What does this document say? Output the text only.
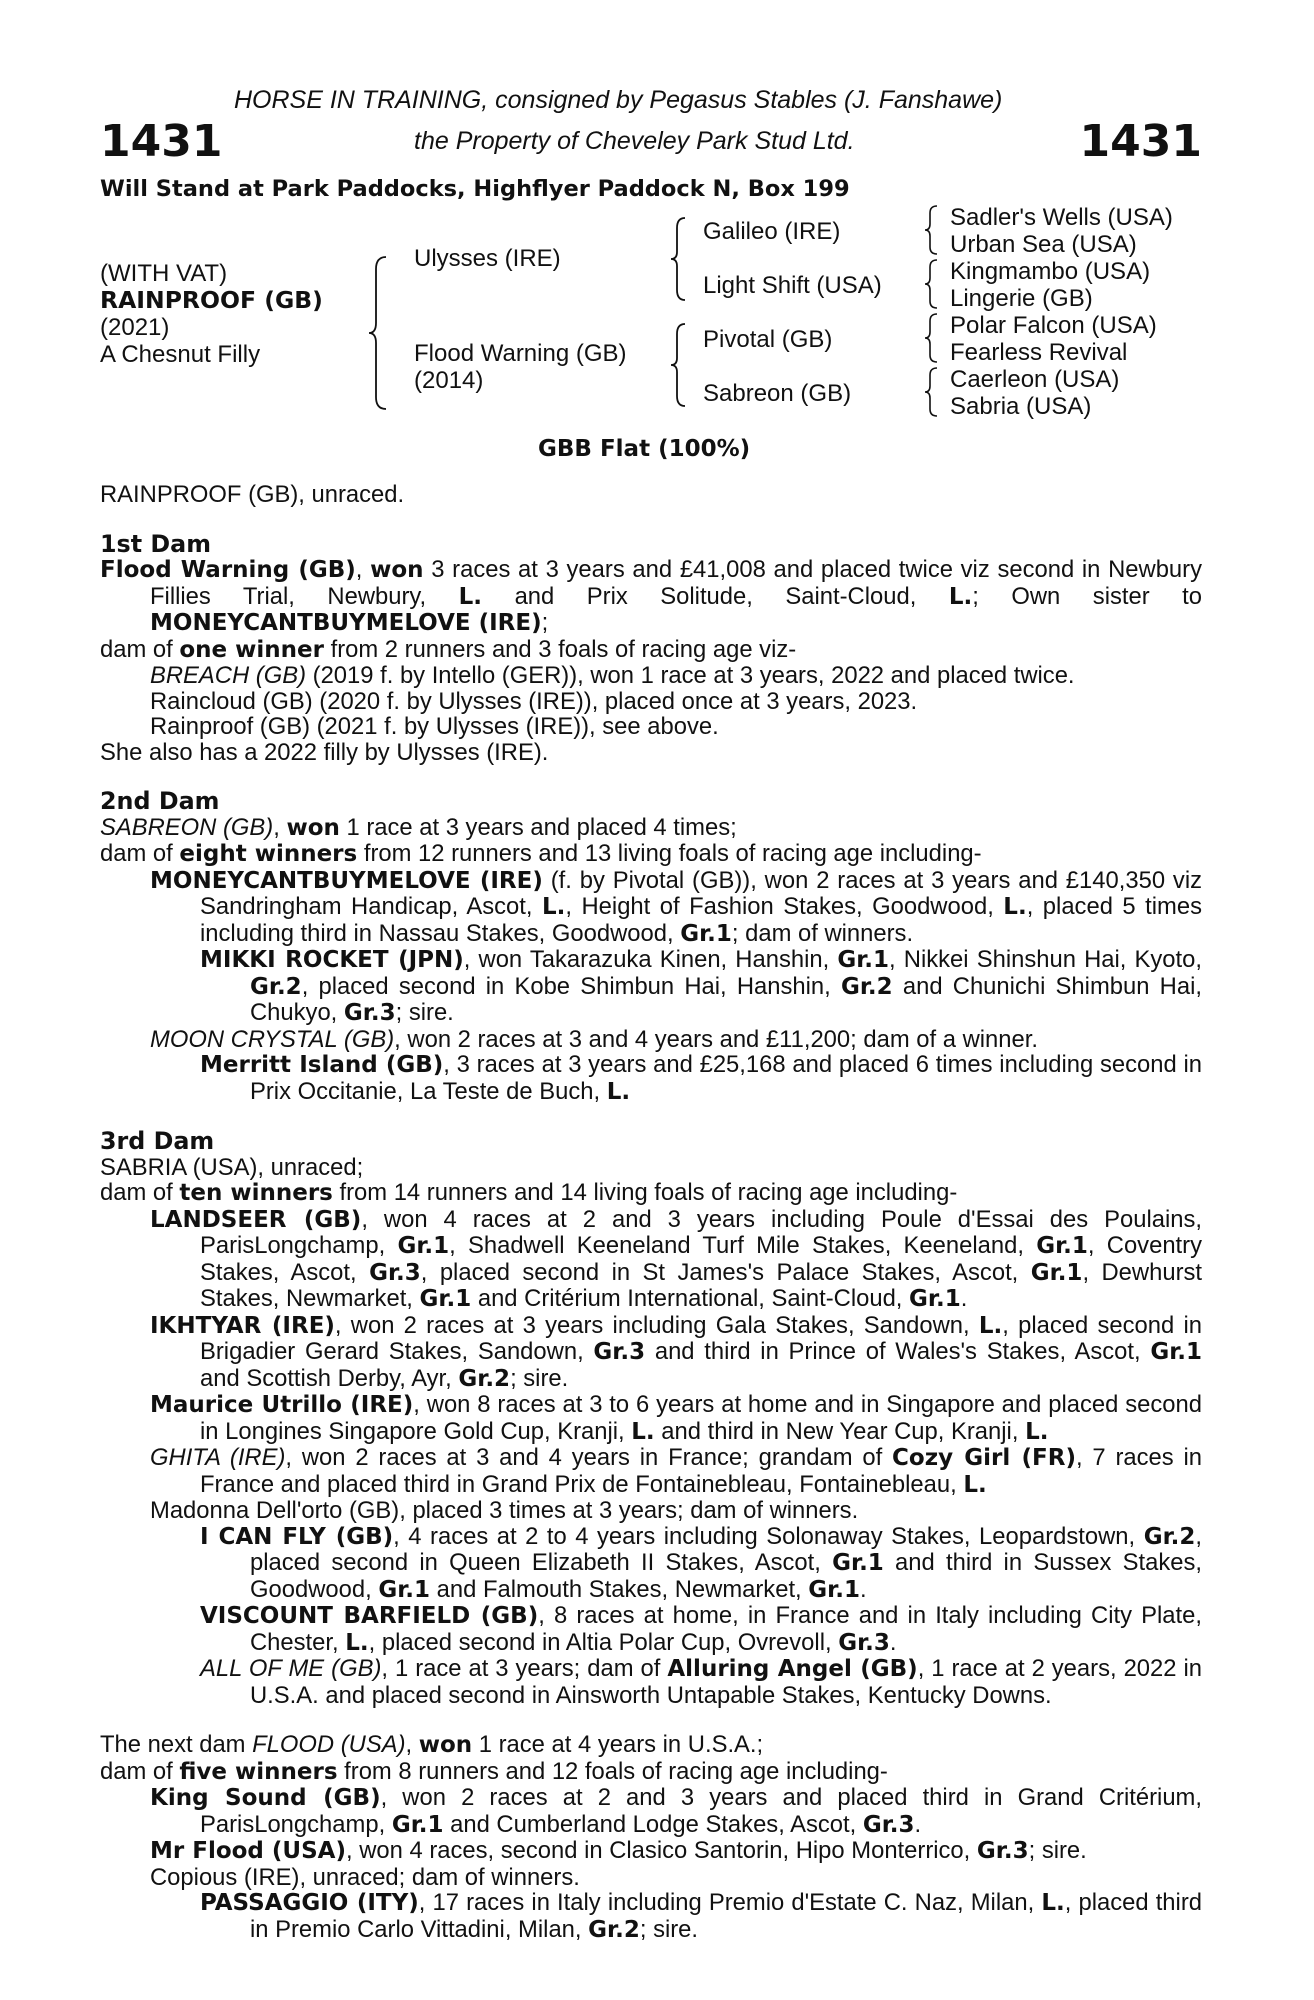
1431	1431
HORSE IN TRAINING, consigned by Pegasus Stables (J. Fanshawe)
the Property of Cheveley Park Stud Ltd.
Will Stand at Park Paddocks, Highflyer Paddock N, Box 199
(WITH VAT)
RAINPROOF (GB)
(2021)
A Chesnut Filly
Ulysses (IRE)
Flood Warning (GB)
(2014)
Galileo (IRE)
Light Shift (USA)
Pivotal (GB)
Sabreon (GB)
Sadler's Wells (USA)
Urban Sea (USA)
Kingmambo (USA)
Lingerie (GB)
Polar Falcon (USA)
Fearless Revival
Caerleon (USA)
Sabria (USA)
GBB Flat (100%)

RAINPROOF (GB), unraced.

1st Dam

Flood Warning (GB), won 3 races at 3 years and £41,008 and placed twice viz second in Newbury Fillies Trial, Newbury, L. and Prix Solitude, Saint-Cloud, L.; Own sister to MONEYCANTBUYMELOVE (IRE);

dam of one winner from 2 runners and 3 foals of racing age viz-

BREACH (GB) (2019 f. by Intello (GER)), won 1 race at 3 years, 2022 and placed twice.

Raincloud (GB) (2020 f. by Ulysses (IRE)), placed once at 3 years, 2023.

Rainproof (GB) (2021 f. by Ulysses (IRE)), see above.

She also has a 2022 filly by Ulysses (IRE).

2nd Dam

SABREON (GB), won 1 race at 3 years and placed 4 times;

dam of eight winners from 12 runners and 13 living foals of racing age including-

MONEYCANTBUYMELOVE (IRE) (f. by Pivotal (GB)), won 2 races at 3 years and £140,350 viz Sandringham Handicap, Ascot, L., Height of Fashion Stakes, Goodwood, L., placed 5 times including third in Nassau Stakes, Goodwood, Gr.1; dam of winners.

MIKKI ROCKET (JPN), won Takarazuka Kinen, Hanshin, Gr.1, Nikkei Shinshun Hai, Kyoto, Gr.2, placed second in Kobe Shimbun Hai, Hanshin, Gr.2 and Chunichi Shimbun Hai, Chukyo, Gr.3; sire.

MOON CRYSTAL (GB), won 2 races at 3 and 4 years and £11,200; dam of a winner.

Merritt Island (GB), 3 races at 3 years and £25,168 and placed 6 times including second in Prix Occitanie, La Teste de Buch, L.

3rd Dam

SABRIA (USA), unraced;

dam of ten winners from 14 runners and 14 living foals of racing age including-

LANDSEER (GB), won 4 races at 2 and 3 years including Poule d'Essai des Poulains, ParisLongchamp, Gr.1, Shadwell Keeneland Turf Mile Stakes, Keeneland, Gr.1, Coventry Stakes, Ascot, Gr.3, placed second in St James's Palace Stakes, Ascot, Gr.1, Dewhurst Stakes, Newmarket, Gr.1 and Critérium International, Saint-Cloud, Gr.1.

IKHTYAR (IRE), won 2 races at 3 years including Gala Stakes, Sandown, L., placed second in Brigadier Gerard Stakes, Sandown, Gr.3 and third in Prince of Wales's Stakes, Ascot, Gr.1 and Scottish Derby, Ayr, Gr.2; sire.

Maurice Utrillo (IRE), won 8 races at 3 to 6 years at home and in Singapore and placed second in Longines Singapore Gold Cup, Kranji, L. and third in New Year Cup, Kranji, L.

GHITA (IRE), won 2 races at 3 and 4 years in France; grandam of Cozy Girl (FR), 7 races in France and placed third in Grand Prix de Fontainebleau, Fontainebleau, L.

Madonna Dell'orto (GB), placed 3 times at 3 years; dam of winners.

I CAN FLY (GB), 4 races at 2 to 4 years including Solonaway Stakes, Leopardstown, Gr.2, placed second in Queen Elizabeth II Stakes, Ascot, Gr.1 and third in Sussex Stakes, Goodwood, Gr.1 and Falmouth Stakes, Newmarket, Gr.1.

VISCOUNT BARFIELD (GB), 8 races at home, in France and in Italy including City Plate, Chester, L., placed second in Altia Polar Cup, Ovrevoll, Gr.3.

ALL OF ME (GB), 1 race at 3 years; dam of Alluring Angel (GB), 1 race at 2 years, 2022 in U.S.A. and placed second in Ainsworth Untapable Stakes, Kentucky Downs.

The next dam FLOOD (USA), won 1 race at 4 years in U.S.A.;

dam of five winners from 8 runners and 12 foals of racing age including-

King Sound (GB), won 2 races at 2 and 3 years and placed third in Grand Critérium, ParisLongchamp, Gr.1 and Cumberland Lodge Stakes, Ascot, Gr.3.

Mr Flood (USA), won 4 races, second in Clasico Santorin, Hipo Monterrico, Gr.3; sire.

Copious (IRE), unraced; dam of winners.

PASSAGGIO (ITY), 17 races in Italy including Premio d'Estate C. Naz, Milan, L., placed third in Premio Carlo Vittadini, Milan, Gr.2; sire.
